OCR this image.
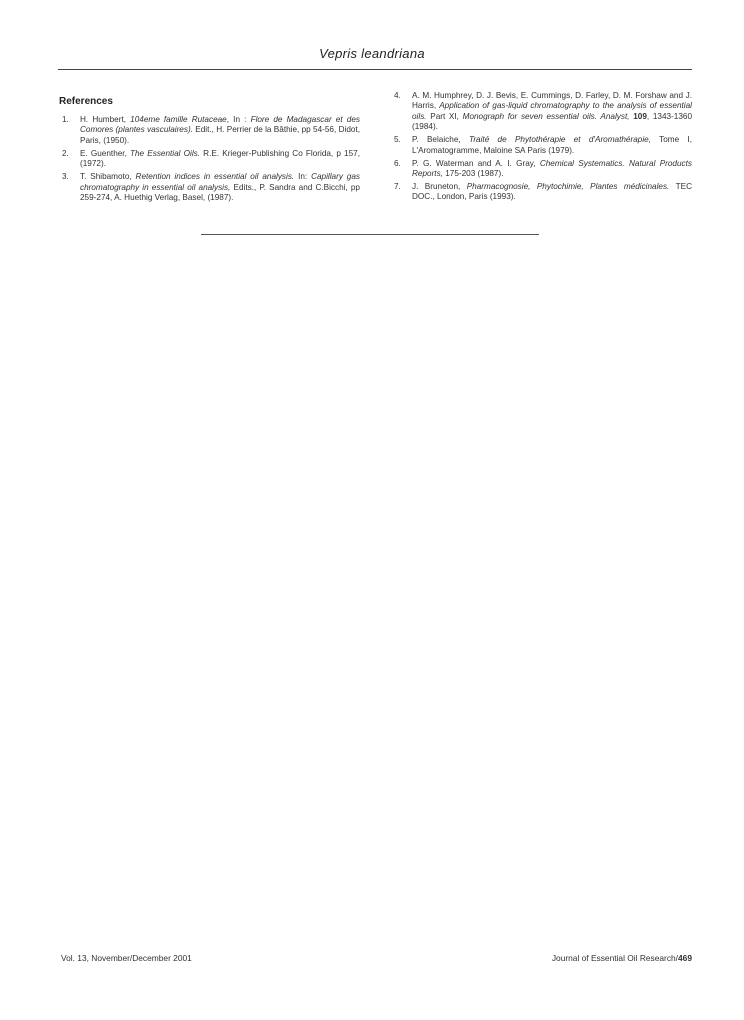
Vepris leandriana
References
1. H. Humbert, 104eme famille Rutaceae, In : Flore de Madagascar et des Comores (plantes vasculaires). Edit., H. Perrier de la Bâthie, pp 54-56, Didot, Paris, (1950).
2. E. Guenther, The Essential Oils. R.E. Krieger-Publishing Co Florida, p 157, (1972).
3. T. Shibamoto, Retention indices in essential oil analysis. In: Capillary gas chromatography in essential oil analysis, Edits., P. Sandra and C.Bicchi, pp 259-274, A. Huethig Verlag, Basel, (1987).
4. A. M. Humphrey, D. J. Bevis, E. Cummings, D. Farley, D. M. Forshaw and J. Harris, Application of gas-liquid chromatography to the analysis of essential oils. Part XI, Monograph for seven essential oils. Analyst, 109, 1343-1360 (1984).
5. P. Belaiche, Traité de Phytothérapie et d'Aromathérapie, Tome I, L'Aromatogramme, Maloine SA Paris (1979).
6. P. G. Waterman and A. I. Gray, Chemical Systematics. Natural Products Reports, 175-203 (1987).
7. J. Bruneton, Pharmacognosie, Phytochimie, Plantes médicinales. TEC DOC., London, Paris (1993).
Vol. 13, November/December 2001	Journal of Essential Oil Research/469
